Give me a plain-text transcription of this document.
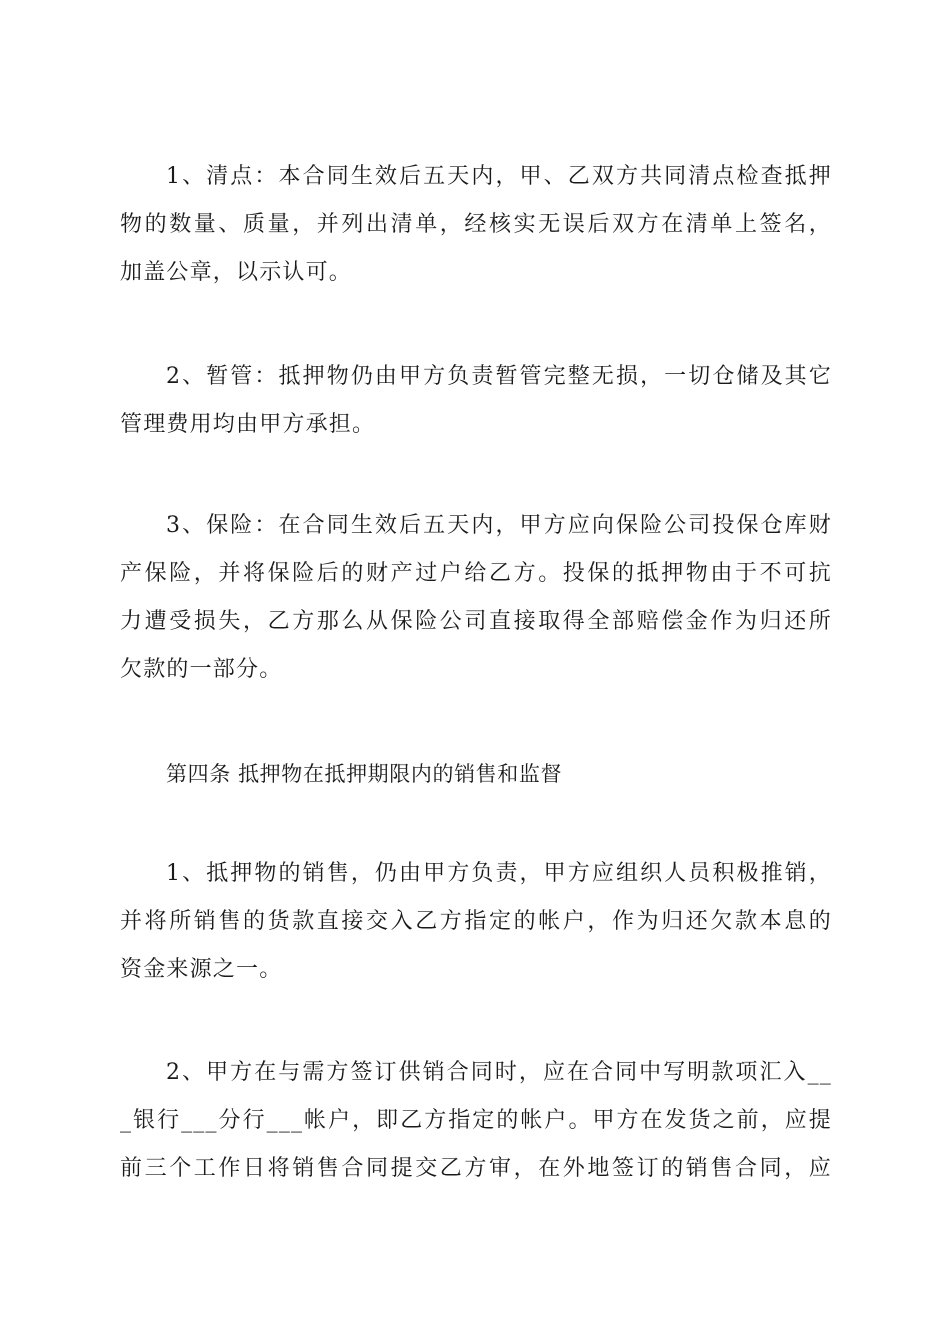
1、清点：本合同生效后五天内，甲、乙双方共同清点检查抵押
物的数量、质量，并列出清单，经核实无误后双方在清单上签名，
加盖公章，以示认可。
2、暂管：抵押物仍由甲方负责暂管完整无损，一切仓储及其它
管理费用均由甲方承担。
3、保险：在合同生效后五天内，甲方应向保险公司投保仓库财
产保险，并将保险后的财产过户给乙方。投保的抵押物由于不可抗
力遭受损失，乙方那么从保险公司直接取得全部赔偿金作为归还所
欠款的一部分。
第四条 抵押物在抵押期限内的销售和监督
1、抵押物的销售，仍由甲方负责，甲方应组织人员积极推销，
并将所销售的货款直接交入乙方指定的帐户，作为归还欠款本息的
资金来源之一。
2、甲方在与需方签订供销合同时，应在合同中写明款项汇入__
_银行___分行___帐户，即乙方指定的帐户。甲方在发货之前，应提
前三个工作日将销售合同提交乙方审，在外地签订的销售合同，应
